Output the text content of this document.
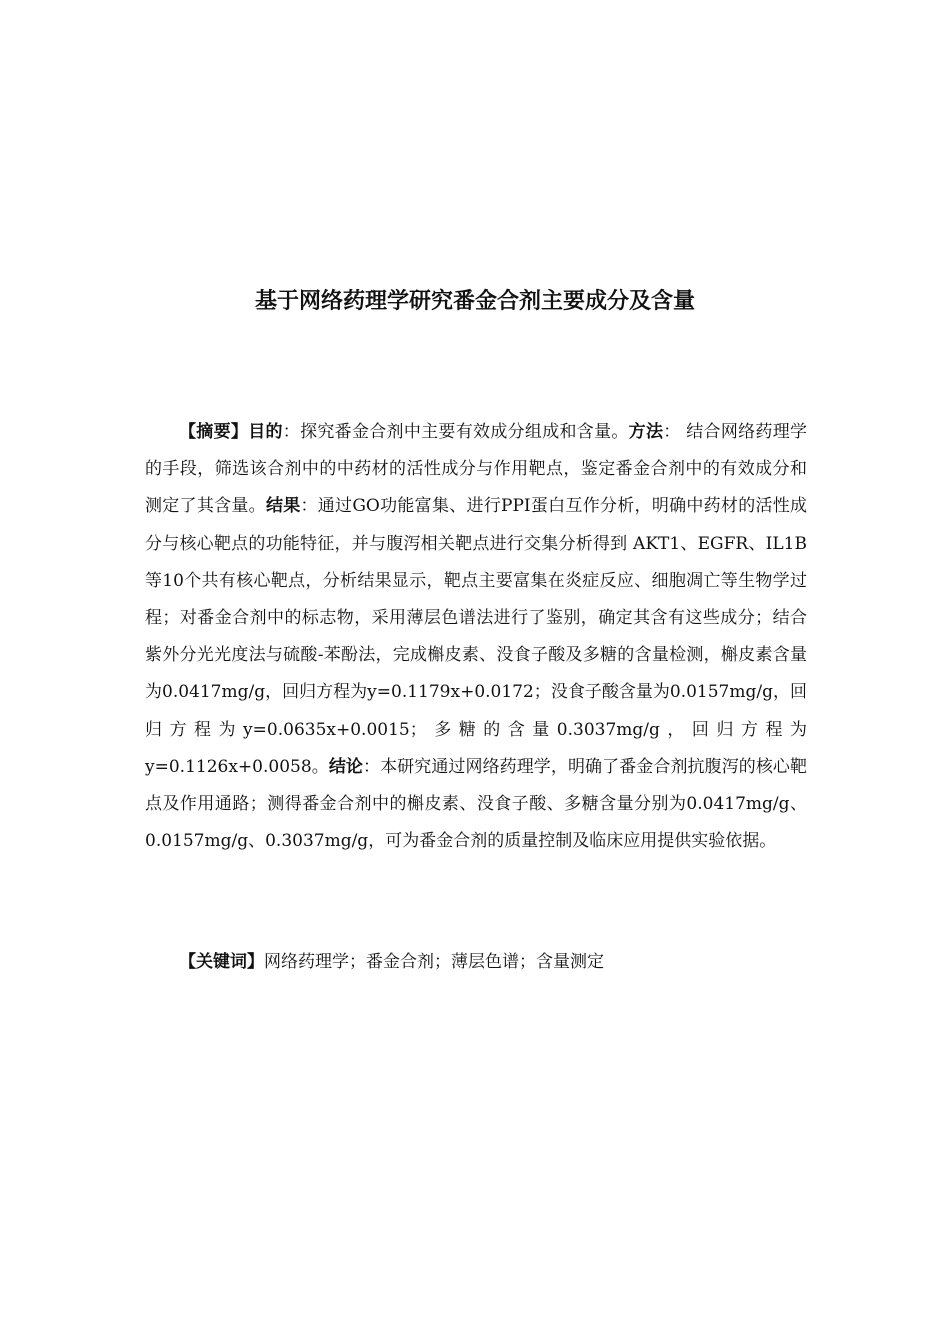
基于网络药理学研究番金合剂主要成分及含量

【摘要】目的：探究番金合剂中主要有效成分组成和含量。方法： 结合网络药理学的手段，筛选该合剂中的中药材的活性成分与作用靶点，鉴定番金合剂中的有效成分和测定了其含量。结果：通过GO功能富集、进行PPI蛋白互作分析，明确中药材的活性成分与核心靶点的功能特征，并与腹泻相关靶点进行交集分析得到 AKT1、EGFR、IL1B等10个共有核心靶点，分析结果显示，靶点主要富集在炎症反应、细胞凋亡等生物学过程；对番金合剂中的标志物，采用薄层色谱法进行了鉴别，确定其含有这些成分；结合紫外分光光度法与硫酸-苯酚法，完成槲皮素、没食子酸及多糖的含量检测，槲皮素含量为0.0417mg/g，回归方程为y=0.1179x+0.0172；没食子酸含量为0.0157mg/g，回归方程为y=0.0635x+0.0015；多糖的含量0.3037mg/g，回归方程为y=0.1126x+0.0058。结论：本研究通过网络药理学，明确了番金合剂抗腹泻的核心靶点及作用通路；测得番金合剂中的槲皮素、没食子酸、多糖含量分别为0.0417mg/g、0.0157mg/g、0.3037mg/g，可为番金合剂的质量控制及临床应用提供实验依据。

【关键词】网络药理学；番金合剂；薄层色谱；含量测定
